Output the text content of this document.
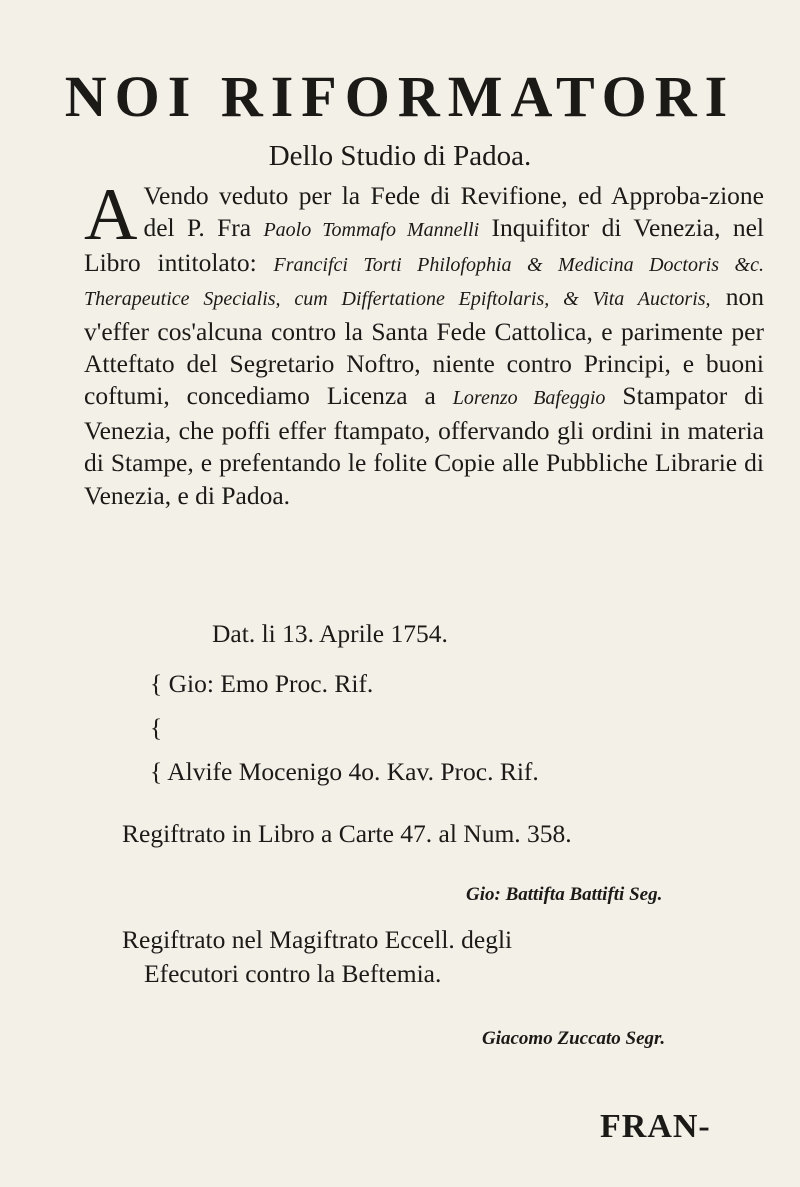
NOI RIFORMATORI
Dello Studio di Padoa.
A Vendo veduto per la Fede di Revifione, ed Approba-zione del P. Fra Paolo Tommafo Mannelli Inquifitor di Venezia, nel Libro intitolato: Francifci Torti Philofophia & Medicina Doctoris &c. Therapeutice Specialis, cum Differtatione Epiftolaris, & Vita Auctoris, non v'effer cos'alcuna contro la Santa Fede Cattolica, e parimente per Atteftato del Segretario Noftro, niente contro Principi, e buoni coftumi, concediamo Licenza a Lorenzo Bafeggio Stampator di Venezia, che poffi effer ftampato, offervando gli ordini in materia di Stampe, e prefentando le folite Copie alle Pubbliche Librarie di Venezia, e di Padoa.
Dat. li 13. Aprile 1754.
{ Gio: Emo Proc. Rif.
{
{ Alvife Mocenigo 4o. Kav. Proc. Rif.
Regiftrato in Libro a Carte 47. al Num. 358.
Gio: Battifta Battifti Seg.
Regiftrato nel Magiftrato Eccell. degli
Efecutori contro la Beftemia.
Giacomo Zuccato Segr.
FRAN-
